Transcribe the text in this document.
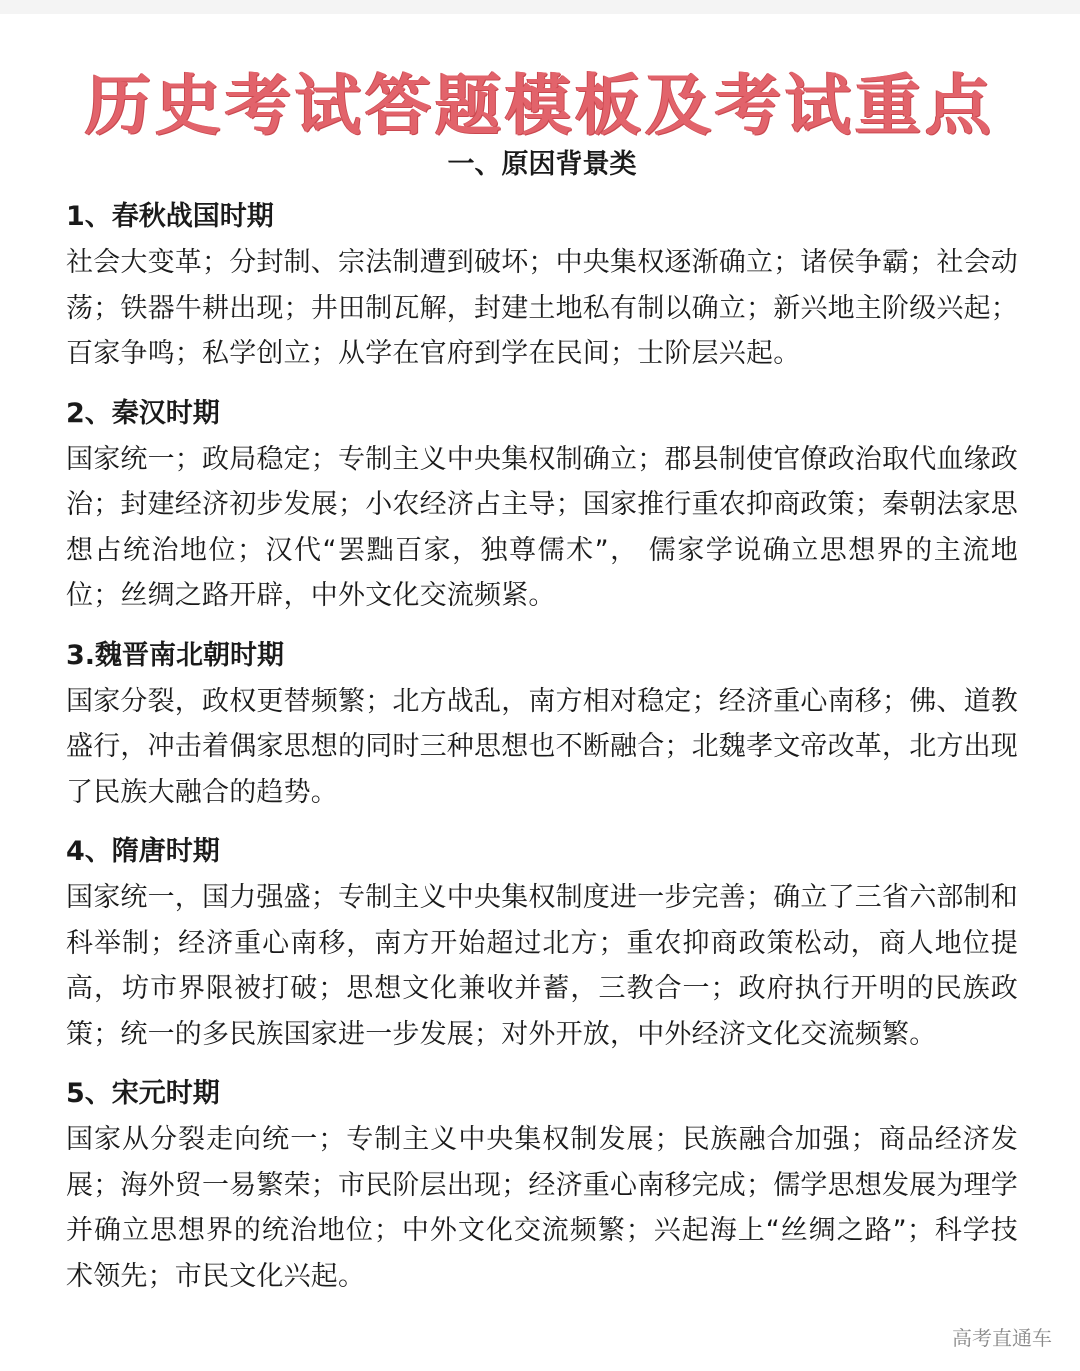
历史考试答题模板及考试重点
一、原因背景类
1、春秋战国时期

社会大变革；分封制、宗法制遭到破坏；中央集权逐渐确立；诸侯争霸；社会动荡；铁器牛耕出现；井田制瓦解，封建土地私有制以确立；新兴地主阶级兴起；百家争鸣；私学创立；从学在官府到学在民间；士阶层兴起。

2、秦汉时期

国家统一；政局稳定；专制主义中央集权制确立；郡县制使官僚政治取代血缘政治；封建经济初步发展；小农经济占主导；国家推行重农抑商政策；秦朝法家思想占统治地位；汉代“罢黜百家，独尊儒术”， 儒家学说确立思想界的主流地位；丝绸之路开辟，中外文化交流频紧。

3.魏晋南北朝时期

国家分裂，政权更替频繁；北方战乱，南方相对稳定；经济重心南移；佛、道教盛行，冲击着偶家思想的同时三种思想也不断融合；北魏孝文帝改革，北方出现了民族大融合的趋势。

4、隋唐时期

国家统一，国力强盛；专制主义中央集权制度进一步完善；确立了三省六部制和科举制；经济重心南移，南方开始超过北方；重农抑商政策松动，商人地位提高，坊市界限被打破；思想文化兼收并蓄，三教合一；政府执行开明的民族政策；统一的多民族国家进一步发展；对外开放，中外经济文化交流频繁。

5、宋元时期

国家从分裂走向统一；专制主义中央集权制发展；民族融合加强；商品经济发展；海外贸一易繁荣；市民阶层出现；经济重心南移完成；儒学思想发展为理学并确立思想界的统治地位；中外文化交流频繁；兴起海上“丝绸之路”；科学技术领先；市民文化兴起。

高考直通车
